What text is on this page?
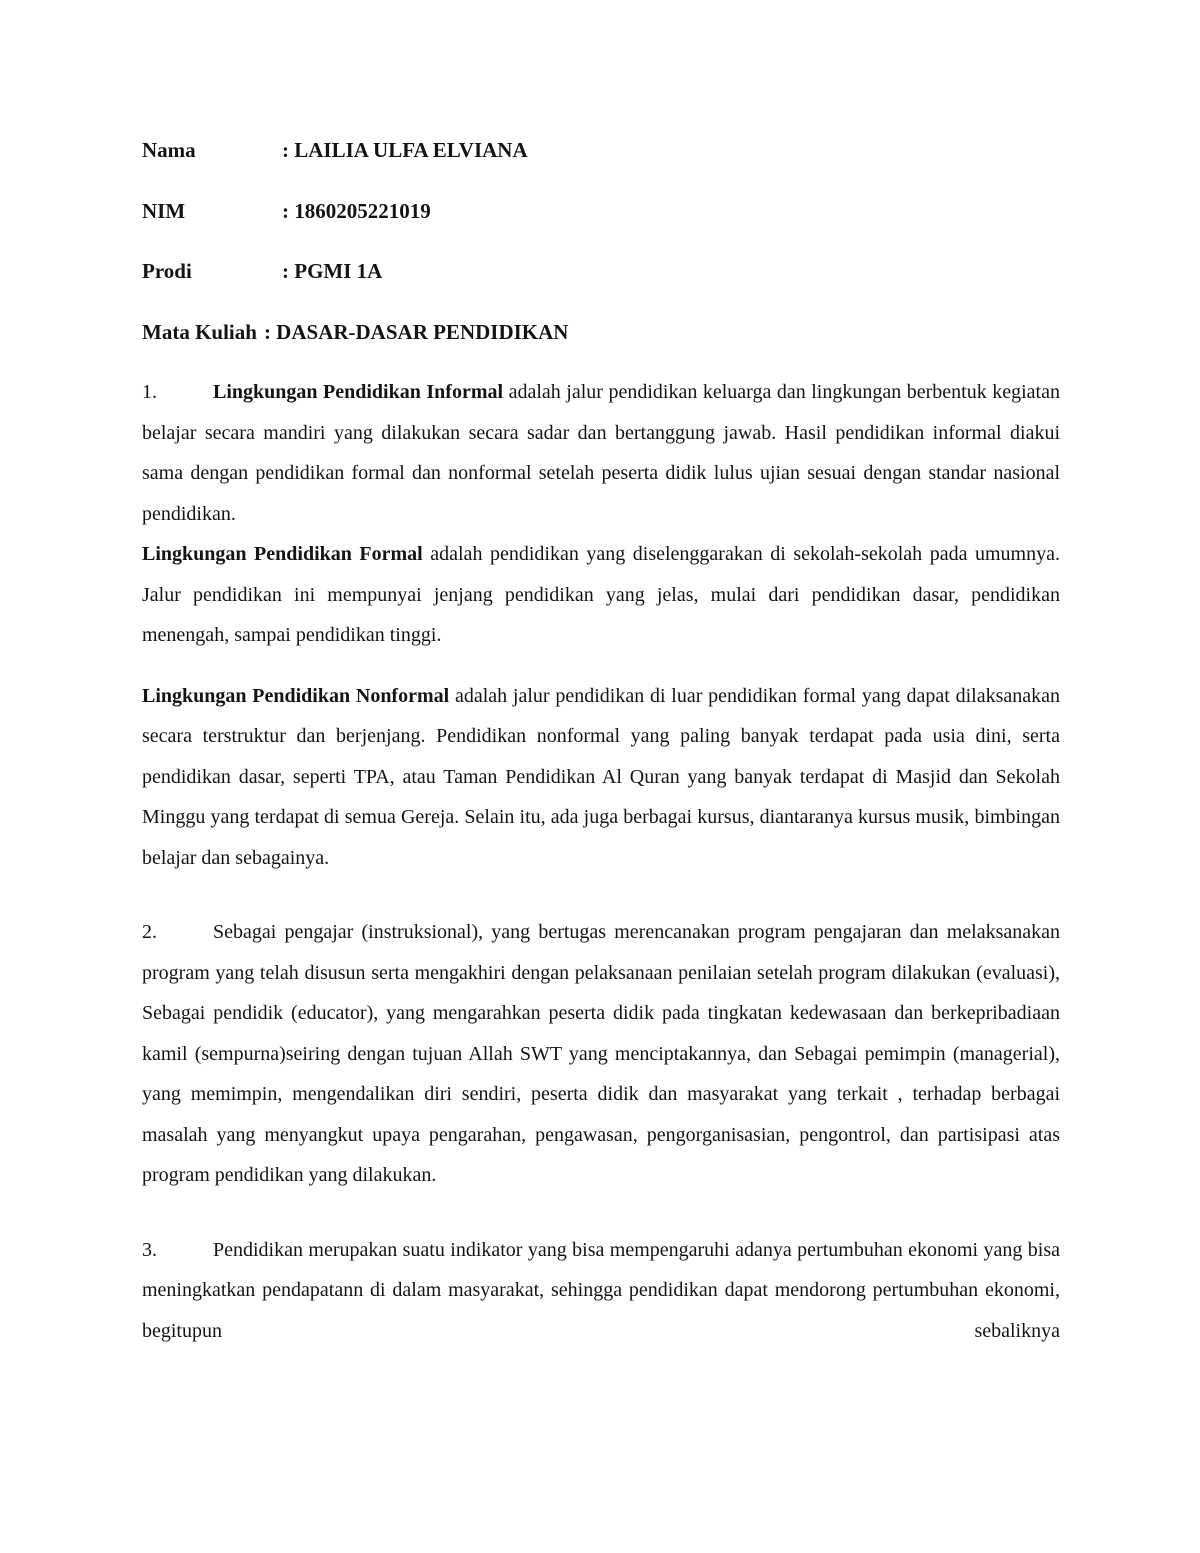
Nama	: LAILIA ULFA ELVIANA
NIM	: 1860205221019
Prodi	: PGMI 1A
Mata Kuliah : DASAR-DASAR PENDIDIKAN

1.	Lingkungan Pendidikan Informal adalah jalur pendidikan keluarga dan lingkungan berbentuk kegiatan belajar secara mandiri yang dilakukan secara sadar dan bertanggung jawab. Hasil pendidikan informal diakui sama dengan pendidikan formal dan nonformal setelah peserta didik lulus ujian sesuai dengan standar nasional pendidikan.

Lingkungan Pendidikan Formal adalah pendidikan yang diselenggarakan di sekolah-sekolah pada umumnya. Jalur pendidikan ini mempunyai jenjang pendidikan yang jelas, mulai dari pendidikan dasar, pendidikan menengah, sampai pendidikan tinggi.

Lingkungan Pendidikan Nonformal adalah jalur pendidikan di luar pendidikan formal yang dapat dilaksanakan secara terstruktur dan berjenjang. Pendidikan nonformal yang paling banyak terdapat pada usia dini, serta pendidikan dasar, seperti TPA, atau Taman Pendidikan Al Quran yang banyak terdapat di Masjid dan Sekolah Minggu yang terdapat di semua Gereja. Selain itu, ada juga berbagai kursus, diantaranya kursus musik, bimbingan belajar dan sebagainya.

2.	Sebagai pengajar (instruksional), yang bertugas merencanakan program pengajaran dan melaksanakan program yang telah disusun serta mengakhiri dengan pelaksanaan penilaian setelah program dilakukan (evaluasi), Sebagai pendidik (educator), yang mengarahkan peserta didik pada tingkatan kedewasaan dan berkepribadiaan kamil (sempurna)seiring dengan tujuan Allah SWT yang menciptakannya, dan Sebagai pemimpin (managerial), yang memimpin, mengendalikan diri sendiri, peserta didik dan masyarakat yang terkait , terhadap berbagai masalah yang menyangkut upaya pengarahan, pengawasan, pengorganisasian, pengontrol, dan partisipasi atas program pendidikan yang dilakukan.

3.	Pendidikan merupakan suatu indikator yang bisa mempengaruhi adanya pertumbuhan ekonomi yang bisa meningkatkan pendapatann di dalam masyarakat, sehingga pendidikan dapat mendorong pertumbuhan ekonomi, begitupun sebaliknya
